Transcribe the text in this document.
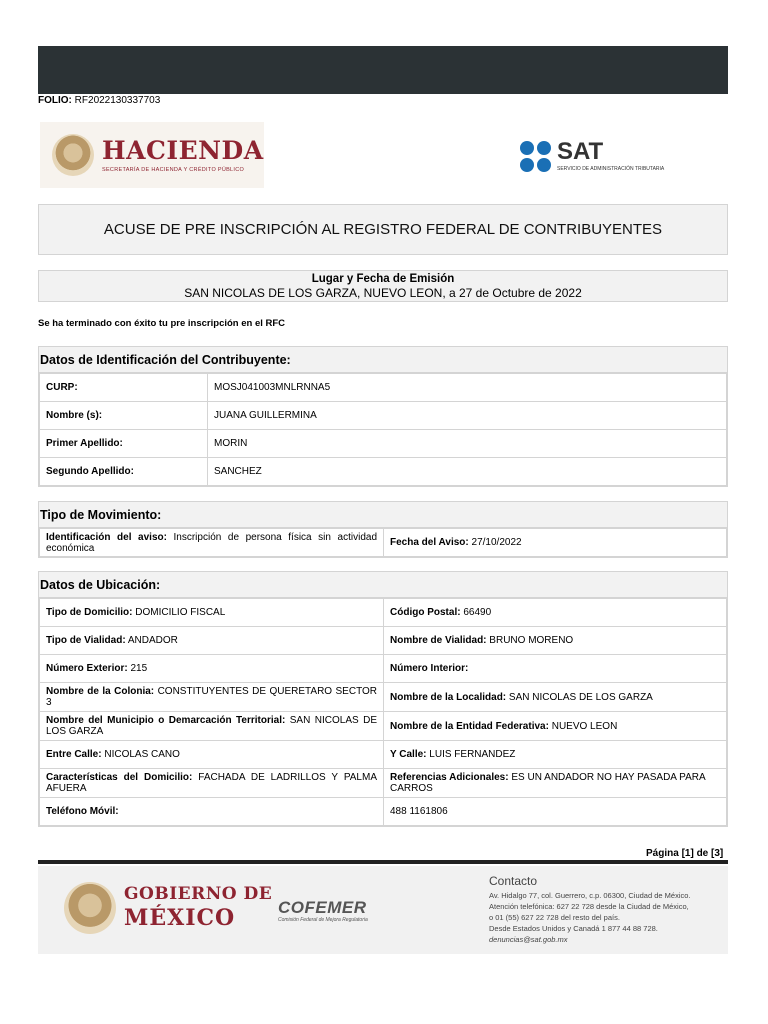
FOLIO: RF2022130337703
HACIENDA
SECRETARÍA DE HACIENDA Y CRÉDITO PÚBLICO
SAT
SERVICIO DE ADMINISTRACIÓN TRIBUTARIA
ACUSE DE PRE INSCRIPCIÓN AL REGISTRO FEDERAL DE CONTRIBUYENTES
Lugar y Fecha de Emisión
SAN NICOLAS DE LOS GARZA, NUEVO LEON, a 27 de Octubre de 2022
Se ha terminado con éxito tu pre inscripción en el RFC
Datos de Identificación del Contribuyente:
CURP:	MOSJ041003MNLRNNA5
Nombre (s):	JUANA GUILLERMINA
Primer Apellido:	MORIN
Segundo Apellido:	SANCHEZ
Tipo de Movimiento:
Identificación del aviso: Inscripción de persona física sin actividad económica	Fecha del Aviso: 27/10/2022
Datos de Ubicación:
Tipo de Domicilio: DOMICILIO FISCAL	Código Postal: 66490
Tipo de Vialidad: ANDADOR	Nombre de Vialidad: BRUNO MORENO
Número Exterior: 215	Número Interior:
Nombre de la Colonia: CONSTITUYENTES DE QUERETARO SECTOR 3	Nombre de la Localidad: SAN NICOLAS DE LOS GARZA
Nombre del Municipio o Demarcación Territorial: SAN NICOLAS DE LOS GARZA	Nombre de la Entidad Federativa: NUEVO LEON
Entre Calle: NICOLAS CANO	Y Calle: LUIS FERNANDEZ
Características del Domicilio: FACHADA DE LADRILLOS Y PALMA AFUERA	Referencias Adicionales: ES UN ANDADOR NO HAY PASADA PARA CARROS
Teléfono Móvil:	488 1161806
Página [1] de [3]
GOBIERNO DE
MÉXICO	COFEMER
Comisión Federal de Mejora Regulatoria
Contacto
Av. Hidalgo 77, col. Guerrero, c.p. 06300, Ciudad de México.
Atención telefónica: 627 22 728 desde la Ciudad de México,
o 01 (55) 627 22 728 del resto del país.
Desde Estados Unidos y Canadá 1 877 44 88 728.
denuncias@sat.gob.mx
